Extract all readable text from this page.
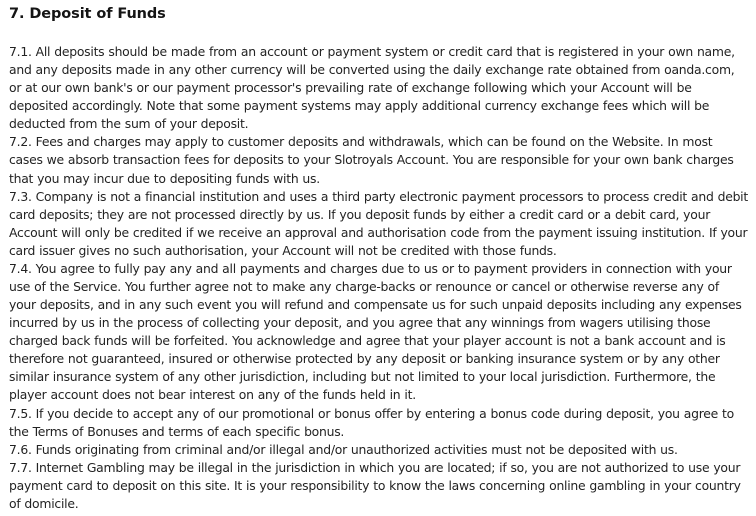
7. Deposit of Funds

7.1. All deposits should be made from an account or payment system or credit card that is registered in your own name, and any deposits made in any other currency will be converted using the daily exchange rate obtained from oanda.com, or at our own bank's or our payment processor's prevailing rate of exchange following which your Account will be deposited accordingly. Note that some payment systems may apply additional currency exchange fees which will be deducted from the sum of your deposit.

7.2. Fees and charges may apply to customer deposits and withdrawals, which can be found on the Website. In most cases we absorb transaction fees for deposits to your Slotroyals Account. You are responsible for your own bank charges that you may incur due to depositing funds with us.

7.3. Company is not a financial institution and uses a third party electronic payment processors to process credit and debit card deposits; they are not processed directly by us. If you deposit funds by either a credit card or a debit card, your Account will only be credited if we receive an approval and authorisation code from the payment issuing institution. If your card issuer gives no such authorisation, your Account will not be credited with those funds.

7.4. You agree to fully pay any and all payments and charges due to us or to payment providers in connection with your use of the Service. You further agree not to make any charge-backs or renounce or cancel or otherwise reverse any of your deposits, and in any such event you will refund and compensate us for such unpaid deposits including any expenses incurred by us in the process of collecting your deposit, and you agree that any winnings from wagers utilising those charged back funds will be forfeited. You acknowledge and agree that your player account is not a bank account and is therefore not guaranteed, insured or otherwise protected by any deposit or banking insurance system or by any other similar insurance system of any other jurisdiction, including but not limited to your local jurisdiction. Furthermore, the player account does not bear interest on any of the funds held in it.

7.5. If you decide to accept any of our promotional or bonus offer by entering a bonus code during deposit, you agree to the Terms of Bonuses and terms of each specific bonus.

7.6. Funds originating from criminal and/or illegal and/or unauthorized activities must not be deposited with us.

7.7. Internet Gambling may be illegal in the jurisdiction in which you are located; if so, you are not authorized to use your payment card to deposit on this site. It is your responsibility to know the laws concerning online gambling in your country of domicile.
